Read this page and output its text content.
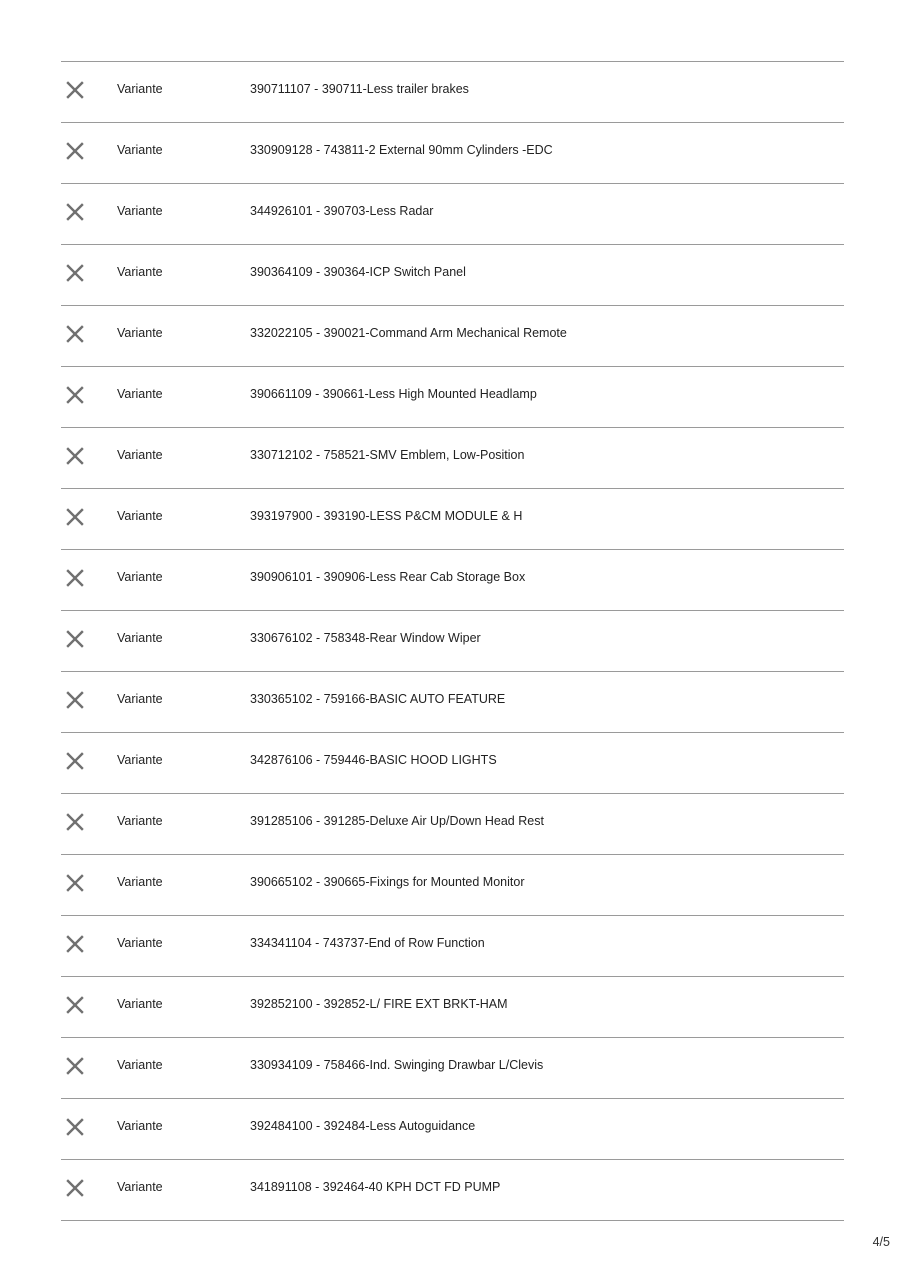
Variante	390711107 - 390711-Less trailer brakes
Variante	330909128 - 743811-2 External 90mm Cylinders -EDC
Variante	344926101 - 390703-Less Radar
Variante	390364109 - 390364-ICP Switch Panel
Variante	332022105 - 390021-Command Arm Mechanical Remote
Variante	390661109 - 390661-Less High Mounted Headlamp
Variante	330712102 - 758521-SMV Emblem, Low-Position
Variante	393197900 - 393190-LESS P&CM MODULE & H
Variante	390906101 - 390906-Less Rear Cab Storage Box
Variante	330676102 - 758348-Rear Window Wiper
Variante	330365102 - 759166-BASIC AUTO FEATURE
Variante	342876106 - 759446-BASIC HOOD LIGHTS
Variante	391285106 - 391285-Deluxe Air Up/Down Head Rest
Variante	390665102 - 390665-Fixings for Mounted Monitor
Variante	334341104 - 743737-End of Row Function
Variante	392852100 - 392852-L/ FIRE EXT BRKT-HAM
Variante	330934109 - 758466-Ind. Swinging Drawbar L/Clevis
Variante	392484100 - 392484-Less Autoguidance
Variante	341891108 - 392464-40 KPH DCT FD PUMP
4/5
